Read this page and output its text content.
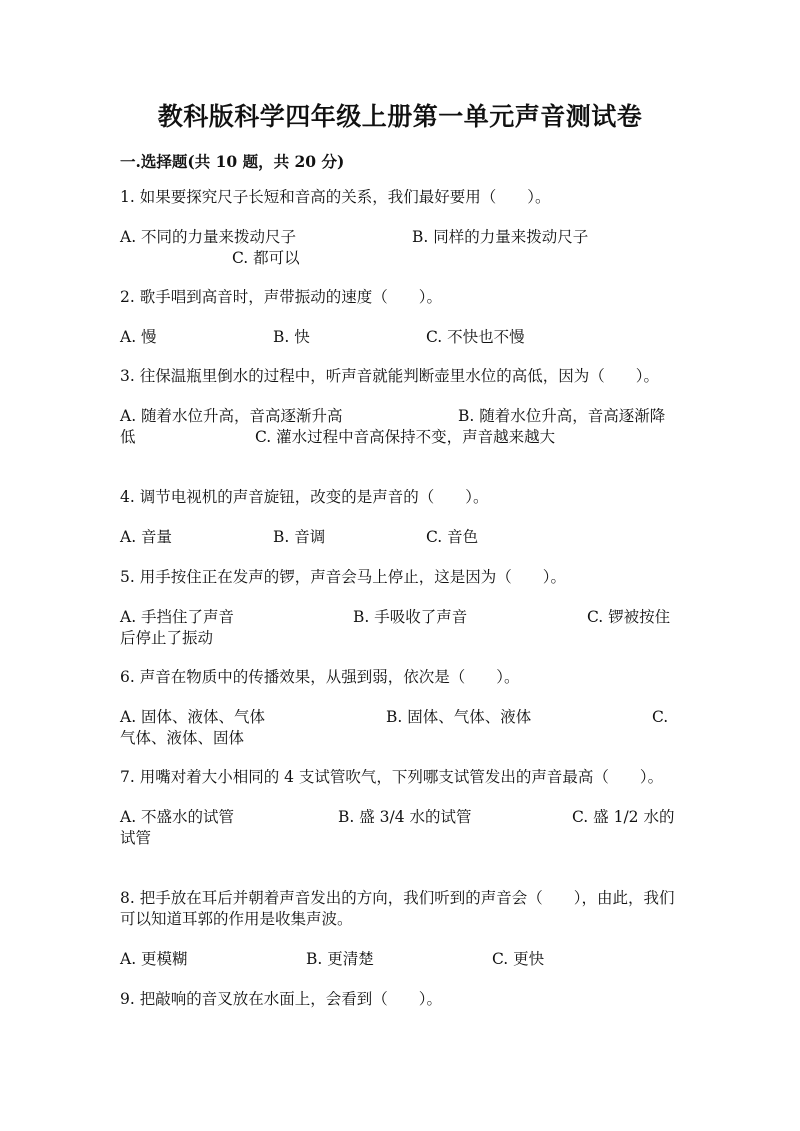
教科版科学四年级上册第一单元声音测试卷

一.选择题(共 10 题，共 20 分)

1. 如果要探究尺子长短和音高的关系，我们最好要用（　　）。

A. 不同的力量来拨动尺子	B. 同样的力量来拨动尺子
C. 都可以

2. 歌手唱到高音时，声带振动的速度（　　）。

A. 慢	B. 快	C. 不快也不慢

3. 往保温瓶里倒水的过程中，听声音就能判断壶里水位的高低，因为（　　）。

A. 随着水位升高，音高逐渐升高	B. 随着水位升高，音高逐渐降
低	C. 灌水过程中音高保持不变，声音越来越大

4. 调节电视机的声音旋钮，改变的是声音的（　　）。

A. 音量	B. 音调	C. 音色

5. 用手按住正在发声的锣，声音会马上停止，这是因为（　　）。

A. 手挡住了声音	B. 手吸收了声音	C. 锣被按住
后停止了振动

6. 声音在物质中的传播效果，从强到弱，依次是（　　）。

A. 固体、液体、气体	B. 固体、气体、液体	C.
气体、液体、固体

7. 用嘴对着大小相同的 4 支试管吹气，下列哪支试管发出的声音最高（　　）。

A. 不盛水的试管	B. 盛 3/4 水的试管	C. 盛 1/2 水的
试管

8. 把手放在耳后并朝着声音发出的方向，我们听到的声音会（　　），由此，我们可以知道耳郭的作用是收集声波。

A. 更模糊	B. 更清楚	C. 更快

9. 把敲响的音叉放在水面上，会看到（　　）。
